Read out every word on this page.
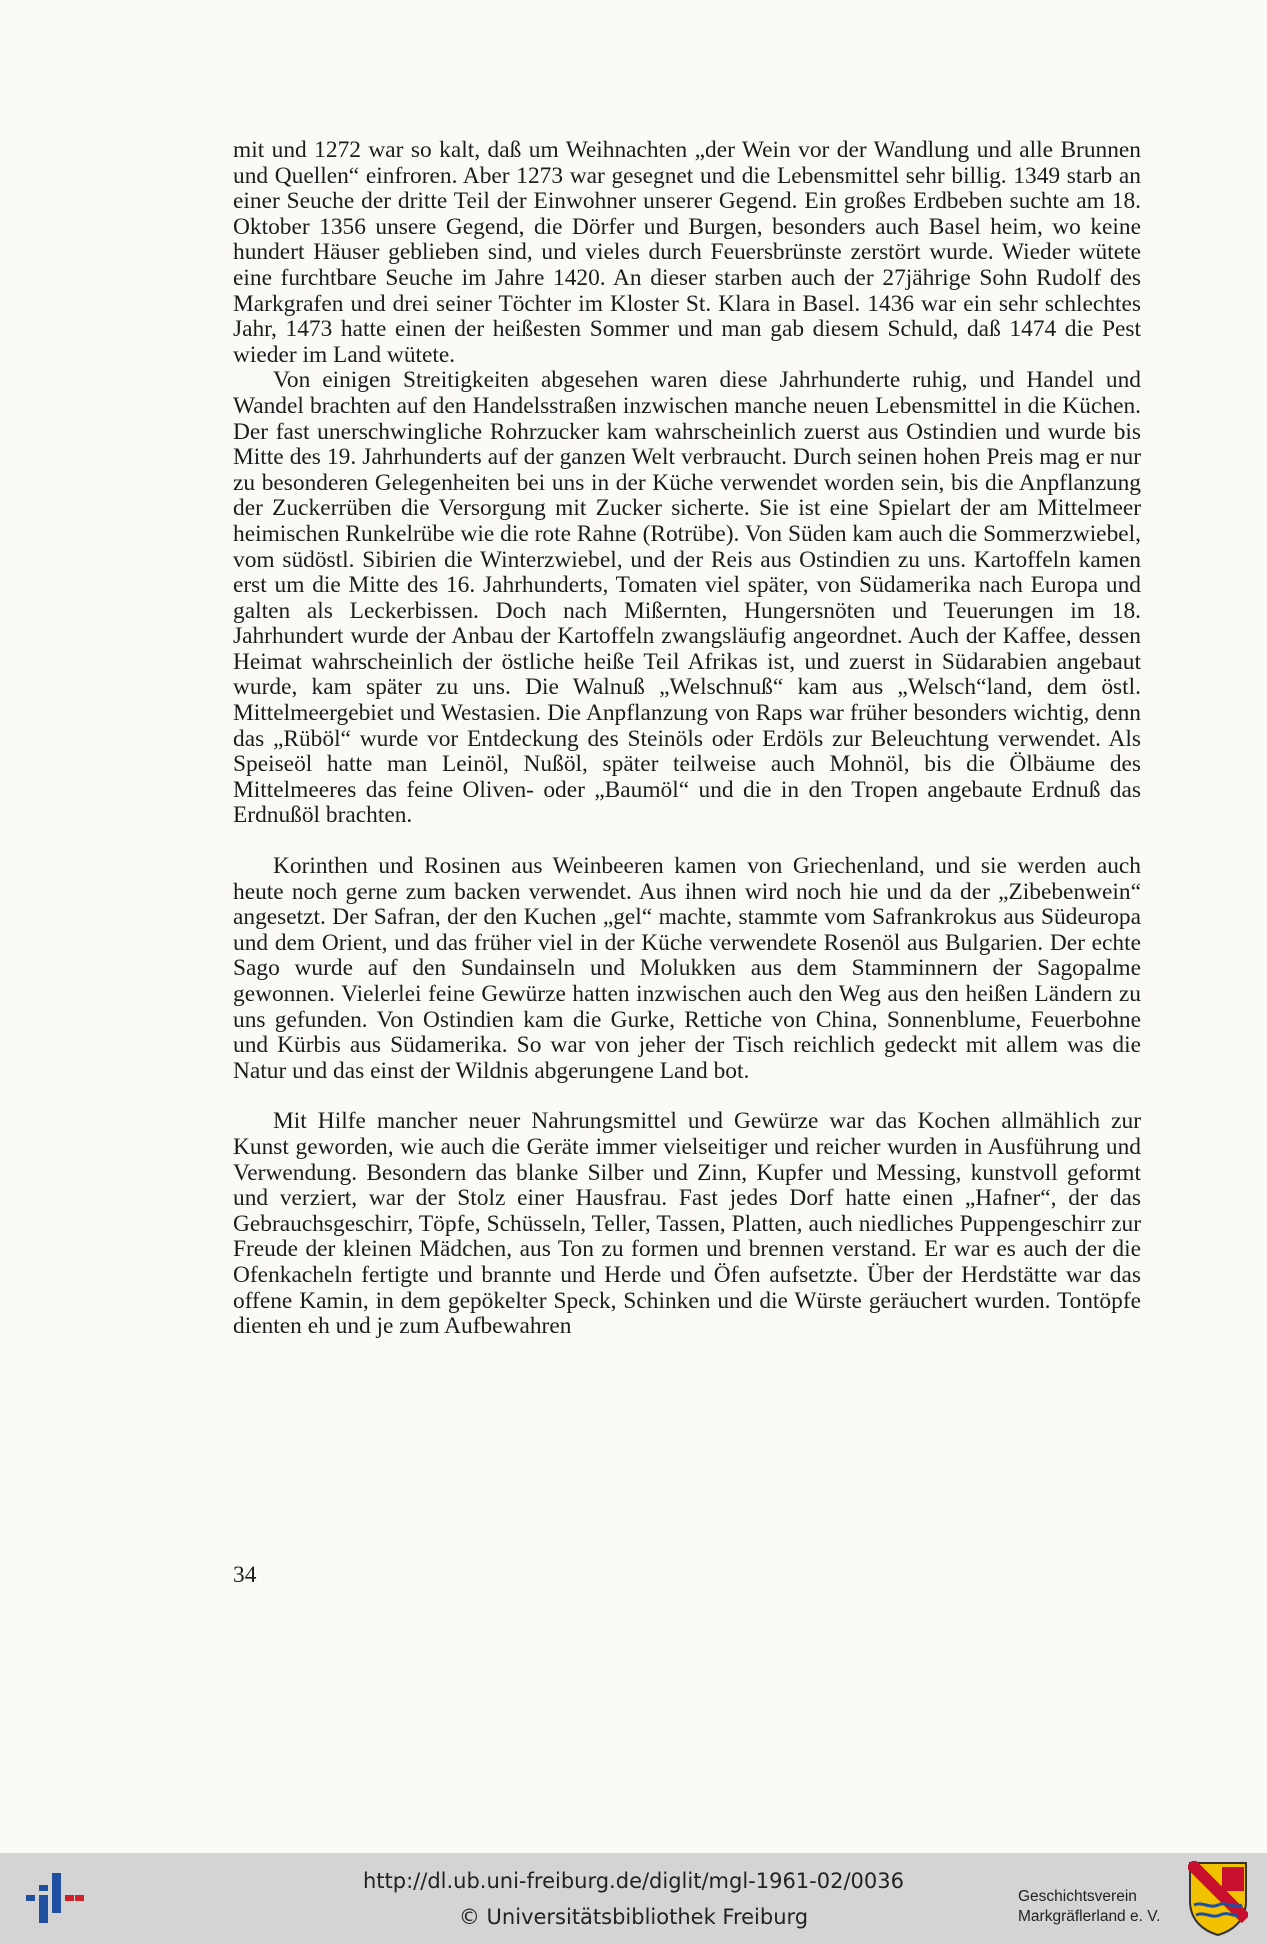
mit und 1272 war so kalt, daß um Weihnachten „der Wein vor der Wandlung und alle Brunnen und Quellen“ einfroren. Aber 1273 war gesegnet und die Lebensmittel sehr billig. 1349 starb an einer Seuche der dritte Teil der Einwohner unserer Gegend. Ein großes Erdbeben suchte am 18. Oktober 1356 unsere Gegend, die Dörfer und Burgen, besonders auch Basel heim, wo keine hundert Häuser geblieben sind, und vieles durch Feuersbrünste zerstört wurde. Wieder wütete eine furchtbare Seuche im Jahre 1420. An dieser starben auch der 27jährige Sohn Rudolf des Markgrafen und drei seiner Töchter im Kloster St. Klara in Basel. 1436 war ein sehr schlechtes Jahr, 1473 hatte einen der heißesten Sommer und man gab diesem Schuld, daß 1474 die Pest wieder im Land wütete.

Von einigen Streitigkeiten abgesehen waren diese Jahrhunderte ruhig, und Handel und Wandel brachten auf den Handelsstraßen inzwischen manche neuen Lebensmittel in die Küchen. Der fast unerschwingliche Rohrzucker kam wahrscheinlich zuerst aus Ostindien und wurde bis Mitte des 19. Jahrhunderts auf der ganzen Welt verbraucht. Durch seinen hohen Preis mag er nur zu besonderen Gelegenheiten bei uns in der Küche verwendet worden sein, bis die Anpflanzung der Zuckerrüben die Versorgung mit Zucker sicherte. Sie ist eine Spielart der am Mittelmeer heimischen Runkelrübe wie die rote Rahne (Rotrübe). Von Süden kam auch die Sommerzwiebel, vom südöstl. Sibirien die Winterzwiebel, und der Reis aus Ostindien zu uns. Kartoffeln kamen erst um die Mitte des 16. Jahrhunderts, Tomaten viel später, von Südamerika nach Europa und galten als Leckerbissen. Doch nach Mißernten, Hungersnöten und Teuerungen im 18. Jahrhundert wurde der Anbau der Kartoffeln zwangsläufig angeordnet. Auch der Kaffee, dessen Heimat wahrscheinlich der östliche heiße Teil Afrikas ist, und zuerst in Südarabien angebaut wurde, kam später zu uns. Die Walnuß „Welschnuß“ kam aus „Welsch“land, dem östl. Mittelmeergebiet und Westasien. Die Anpflanzung von Raps war früher besonders wichtig, denn das „Rüböl“ wurde vor Entdeckung des Steinöls oder Erdöls zur Beleuchtung verwendet. Als Speiseöl hatte man Leinöl, Nußöl, später teilweise auch Mohnöl, bis die Ölbäume des Mittelmeeres das feine Oliven- oder „Baumöl“ und die in den Tropen angebaute Erdnuß das Erdnußöl brachten.

Korinthen und Rosinen aus Weinbeeren kamen von Griechenland, und sie werden auch heute noch gerne zum backen verwendet. Aus ihnen wird noch hie und da der „Zibebenwein“ angesetzt. Der Safran, der den Kuchen „gel“ machte, stammte vom Safrankrokus aus Südeuropa und dem Orient, und das früher viel in der Küche verwendete Rosenöl aus Bulgarien. Der echte Sago wurde auf den Sundainseln und Molukken aus dem Stamminnern der Sagopalme gewonnen. Vielerlei feine Gewürze hatten inzwischen auch den Weg aus den heißen Ländern zu uns gefunden. Von Ostindien kam die Gurke, Rettiche von China, Sonnenblume, Feuerbohne und Kürbis aus Südamerika. So war von jeher der Tisch reichlich gedeckt mit allem was die Natur und das einst der Wildnis abgerungene Land bot.

Mit Hilfe mancher neuer Nahrungsmittel und Gewürze war das Kochen allmählich zur Kunst geworden, wie auch die Geräte immer vielseitiger und reicher wurden in Ausführung und Verwendung. Besondern das blanke Silber und Zinn, Kupfer und Messing, kunstvoll geformt und verziert, war der Stolz einer Hausfrau. Fast jedes Dorf hatte einen „Hafner“, der das Gebrauchsgeschirr, Töpfe, Schüsseln, Teller, Tassen, Platten, auch niedliches Puppengeschirr zur Freude der kleinen Mädchen, aus Ton zu formen und brennen verstand. Er war es auch der die Ofenkacheln fertigte und brannte und Herde und Öfen aufsetzte. Über der Herdstätte war das offene Kamin, in dem gepökelter Speck, Schinken und die Würste geräuchert wurden. Tontöpfe dienten eh und je zum Aufbewahren

34
http://dl.ub.uni-freiburg.de/diglit/mgl-1961-02/0036
© Universitätsbibliothek Freiburg
Geschichtsverein
Markgräflerland e. V.
